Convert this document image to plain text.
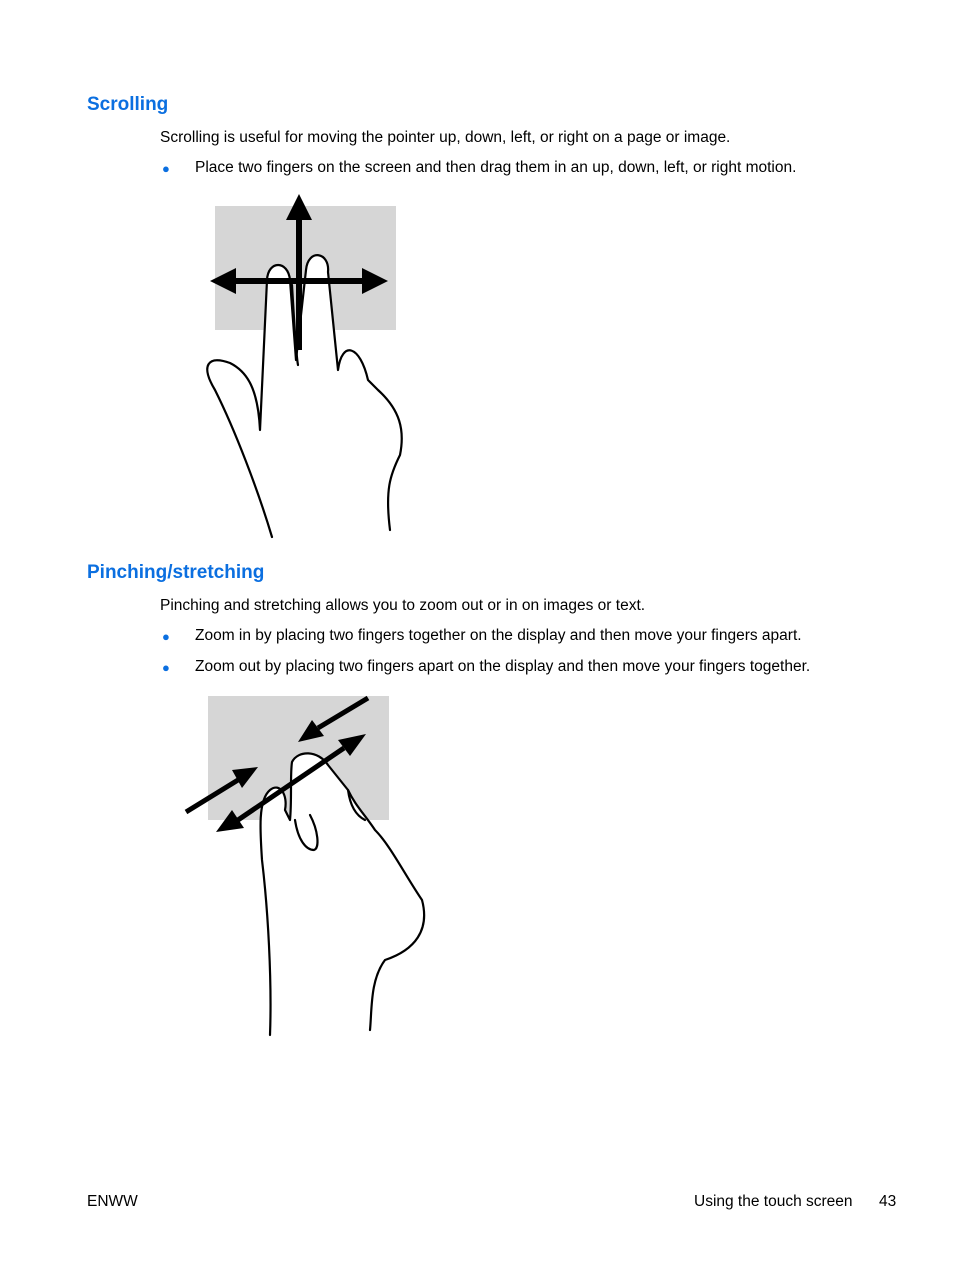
Scrolling

Scrolling is useful for moving the pointer up, down, left, or right on a page or image.

● Place two fingers on the screen and then drag them in an up, down, left, or right motion.
Pinching/stretching

Pinching and stretching allows you to zoom out or in on images or text.

● Zoom in by placing two fingers together on the display and then move your fingers apart.
● Zoom out by placing two fingers apart on the display and then move your fingers together.
ENWW	Using the touch screen 43
